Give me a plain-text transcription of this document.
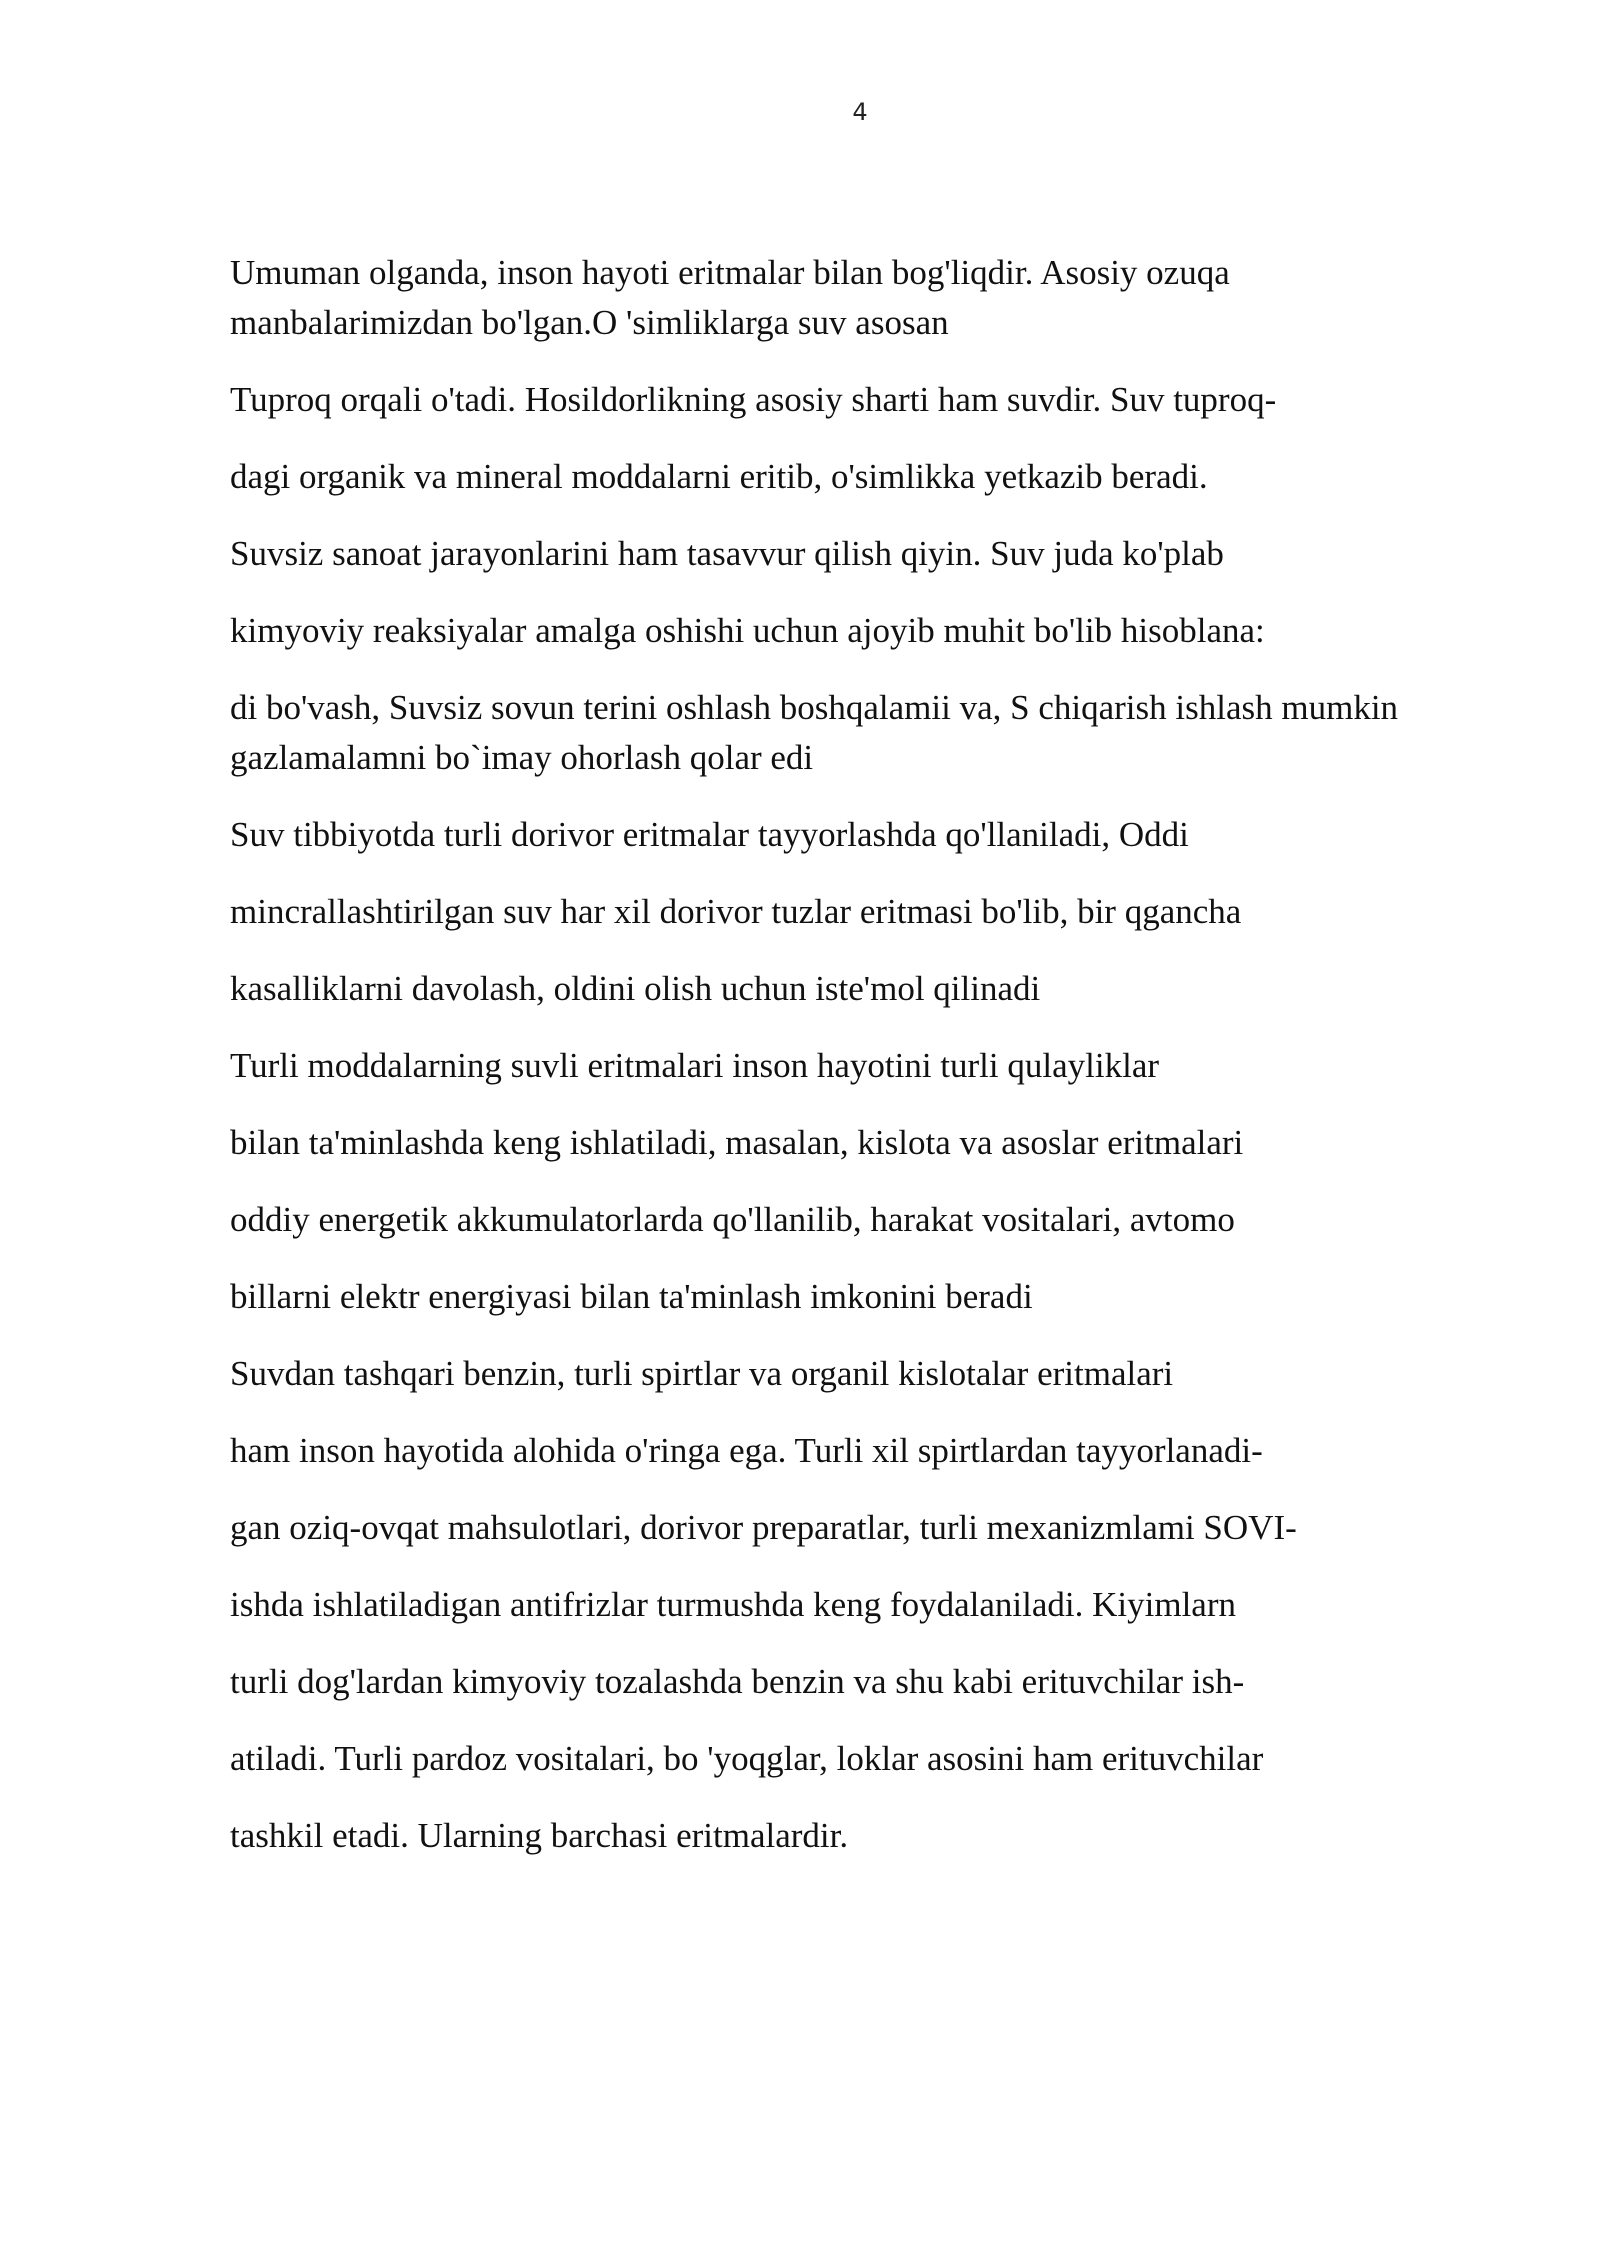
4
Umuman olganda, inson hayoti eritmalar bilan bog'liqdir. Asosiy ozuqa
manbalarimizdan bo'lgan.O 'simliklarga suv asosan
Tuproq orqali o'tadi. Hosildorlikning asosiy sharti ham suvdir. Suv tuproq-
dagi organik va mineral moddalarni eritib, o'simlikka yetkazib beradi.
Suvsiz sanoat jarayonlarini ham tasavvur qilish qiyin. Suv juda ko'plab
kimyoviy reaksiyalar amalga oshishi uchun ajoyib muhit bo'lib hisoblana:
di bo'vash, Suvsiz sovun terini oshlash boshqalamii va, S chiqarish ishlash mumkin
gazlamalamni bo`imay ohorlash qolar edi
Suv tibbiyotda turli dorivor eritmalar tayyorlashda qo'llaniladi, Oddi
mincrallashtirilgan suv har xil dorivor tuzlar eritmasi bo'lib, bir qgancha
kasalliklarni davolash, oldini olish uchun iste'mol qilinadi
Turli moddalarning suvli eritmalari inson hayotini turli qulayliklar
bilan ta'minlashda keng ishlatiladi, masalan, kislota va asoslar eritmalari
oddiy energetik akkumulatorlarda qo'llanilib, harakat vositalari, avtomo
billarni elektr energiyasi bilan ta'minlash imkonini beradi
Suvdan tashqari benzin, turli spirtlar va organil kislotalar eritmalari
ham inson hayotida alohida o'ringa ega. Turli xil spirtlardan tayyorlanadi-
gan oziq-ovqat mahsulotlari, dorivor preparatlar, turli mexanizmlami SOVI-
ishda ishlatiladigan antifrizlar turmushda keng foydalaniladi. Kiyimlarn
turli dog'lardan kimyoviy tozalashda benzin va shu kabi erituvchilar ish-
atiladi. Turli pardoz vositalari, bo 'yoqglar, loklar asosini ham erituvchilar
tashkil etadi. Ularning barchasi eritmalardir.
